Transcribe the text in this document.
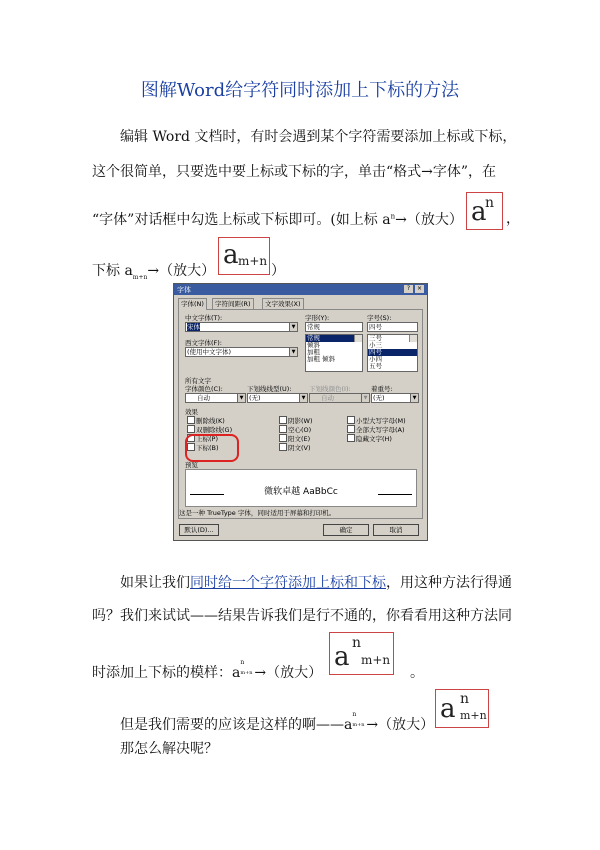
图解Word给字符同时添加上下标的方法
编辑 Word 文档时，有时会遇到某个字符需要添加上标或下标，
这个很简单，只要选中要上标或下标的字，单击“格式→字体”，在
“字体”对话框中勾选上标或下标即可。(如上标 $a^n\to$（放大） a
n
，
下标 $a_{m+n}\to$（放大）
a m+n
）
字体	?	×
字体(N)	字符间距(R)	文字效果(X)
中文字体(T):
宋体	▼
字形(Y):
常规
常规
倾斜
加粗
加粗 倾斜
字号(S):
四号
三号
小三
四号
小四
五号
西文字体(F):
(使用中文字体)	▼
所有文字
字体颜色(C):
自动	▼
下划线线型(U):
(无)	▼
下划线颜色(I):
自动	▼
着重号:
(无)	▼
效果
删除线(K)
双删除线(G)
上标(P)
下标(B)
阴影(W)
空心(O)
阳文(E)
阴文(V)
小型大写字母(M)
全部大写字母(A)
隐藏文字(H)
预览
微软卓越 AaBbCc
这是一种 TrueType 字体，同时适用于屏幕和打印机。
默认(D)...	确定	取消
如果让我们同时给一个字符添加上标和下标，用这种方法行得通
吗？我们来试试——结果告诉我们是行不通的，你看看用这种方法同
时添加上下标的模样：a
n
m+n →（放大）
a n
m+n
。
但是我们需要的应该是这样的啊——a
n
m+n →（放大）
a n
m+n
那怎么解决呢？
